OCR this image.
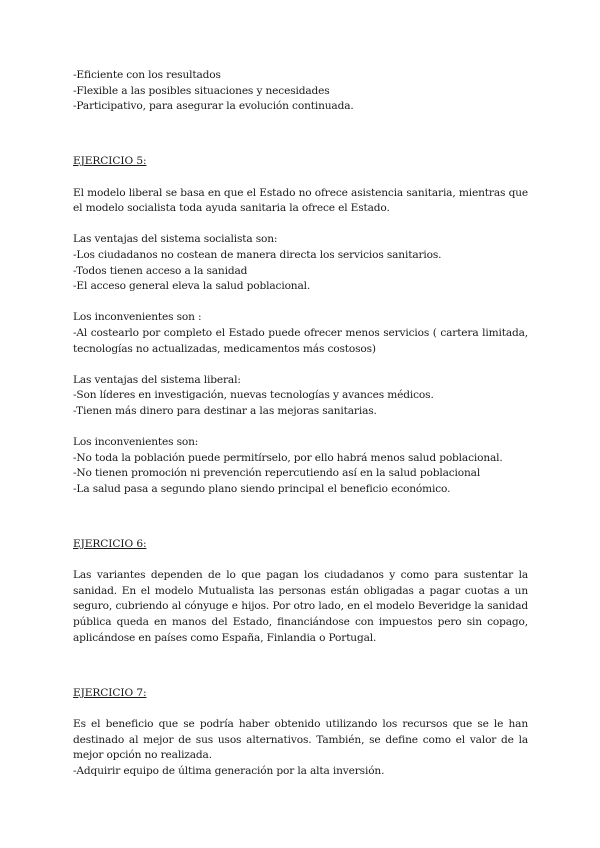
-Eficiente con los resultados
-Flexible a las posibles situaciones y necesidades
-Participativo, para asegurar la evolución continuada.
EJERCICIO 5:
El modelo liberal se basa en que el Estado no ofrece asistencia sanitaria, mientras que el modelo socialista toda ayuda sanitaria la ofrece el Estado.
Las ventajas del sistema socialista son:
-Los ciudadanos no costean de manera directa los servicios sanitarios.
-Todos tienen acceso a la sanidad
-El acceso general eleva la salud poblacional.
Los inconvenientes son :
-Al costearlo por completo el Estado puede ofrecer menos servicios ( cartera limitada, tecnologías no actualizadas, medicamentos más costosos)
Las ventajas del sistema liberal:
-Son líderes en investigación, nuevas tecnologías y avances médicos.
-Tienen más dinero para destinar a las mejoras sanitarias.
Los inconvenientes son:
-No toda la población puede permitírselo, por ello habrá menos salud poblacional.
-No tienen promoción ni prevención repercutiendo así en la salud poblacional
-La salud pasa a segundo plano siendo principal el beneficio económico.
EJERCICIO 6:
Las variantes dependen de lo que pagan los ciudadanos y como para sustentar la sanidad. En el modelo Mutualista las personas están obligadas a pagar cuotas a un seguro, cubriendo al cónyuge e hijos. Por otro lado, en el modelo Beveridge la sanidad pública queda en manos del Estado, financiándose con impuestos pero sin copago, aplicándose en países como España, Finlandia o Portugal.
EJERCICIO 7:
Es el beneficio que se podría haber obtenido utilizando los recursos que se le han destinado al mejor de sus usos alternativos. También, se define como el valor de la mejor opción no realizada.
-Adquirir equipo de última generación por la alta inversión.
